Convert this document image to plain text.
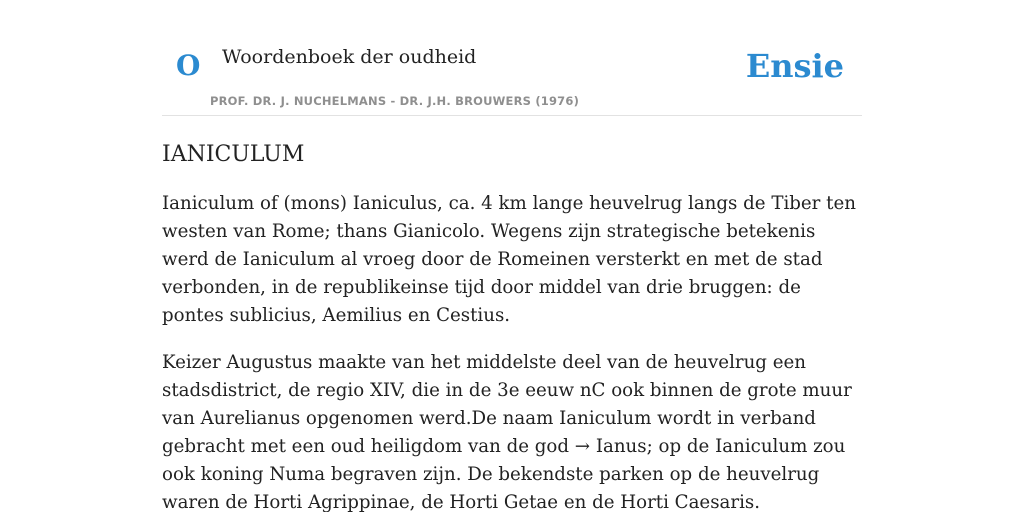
O Woordenboek der oudheid
PROF. DR. J. NUCHELMANS - DR. J.H. BROUWERS (1976)
Ensie
IANICULUM

Ianiculum of (mons) Ianiculus, ca. 4 km lange heuvelrug langs de Tiber ten westen van Rome; thans Gianicolo. Wegens zijn strategische betekenis werd de Ianiculum al vroeg door de Romeinen versterkt en met de stad verbonden, in de republikeinse tijd door middel van drie bruggen: de pontes sublicius, Aemilius en Cestius.

Keizer Augustus maakte van het middelste deel van de heuvelrug een stadsdistrict, de regio XIV, die in de 3e eeuw nC ook binnen de grote muur van Aurelianus opgenomen werd.De naam Ianiculum wordt in verband gebracht met een oud heiligdom van de god → Ianus; op de Ianiculum zou ook koning Numa begraven zijn. De bekendste parken op de heuvelrug waren de Horti Agrippinae, de Horti Getae en de Horti Caesaris.
